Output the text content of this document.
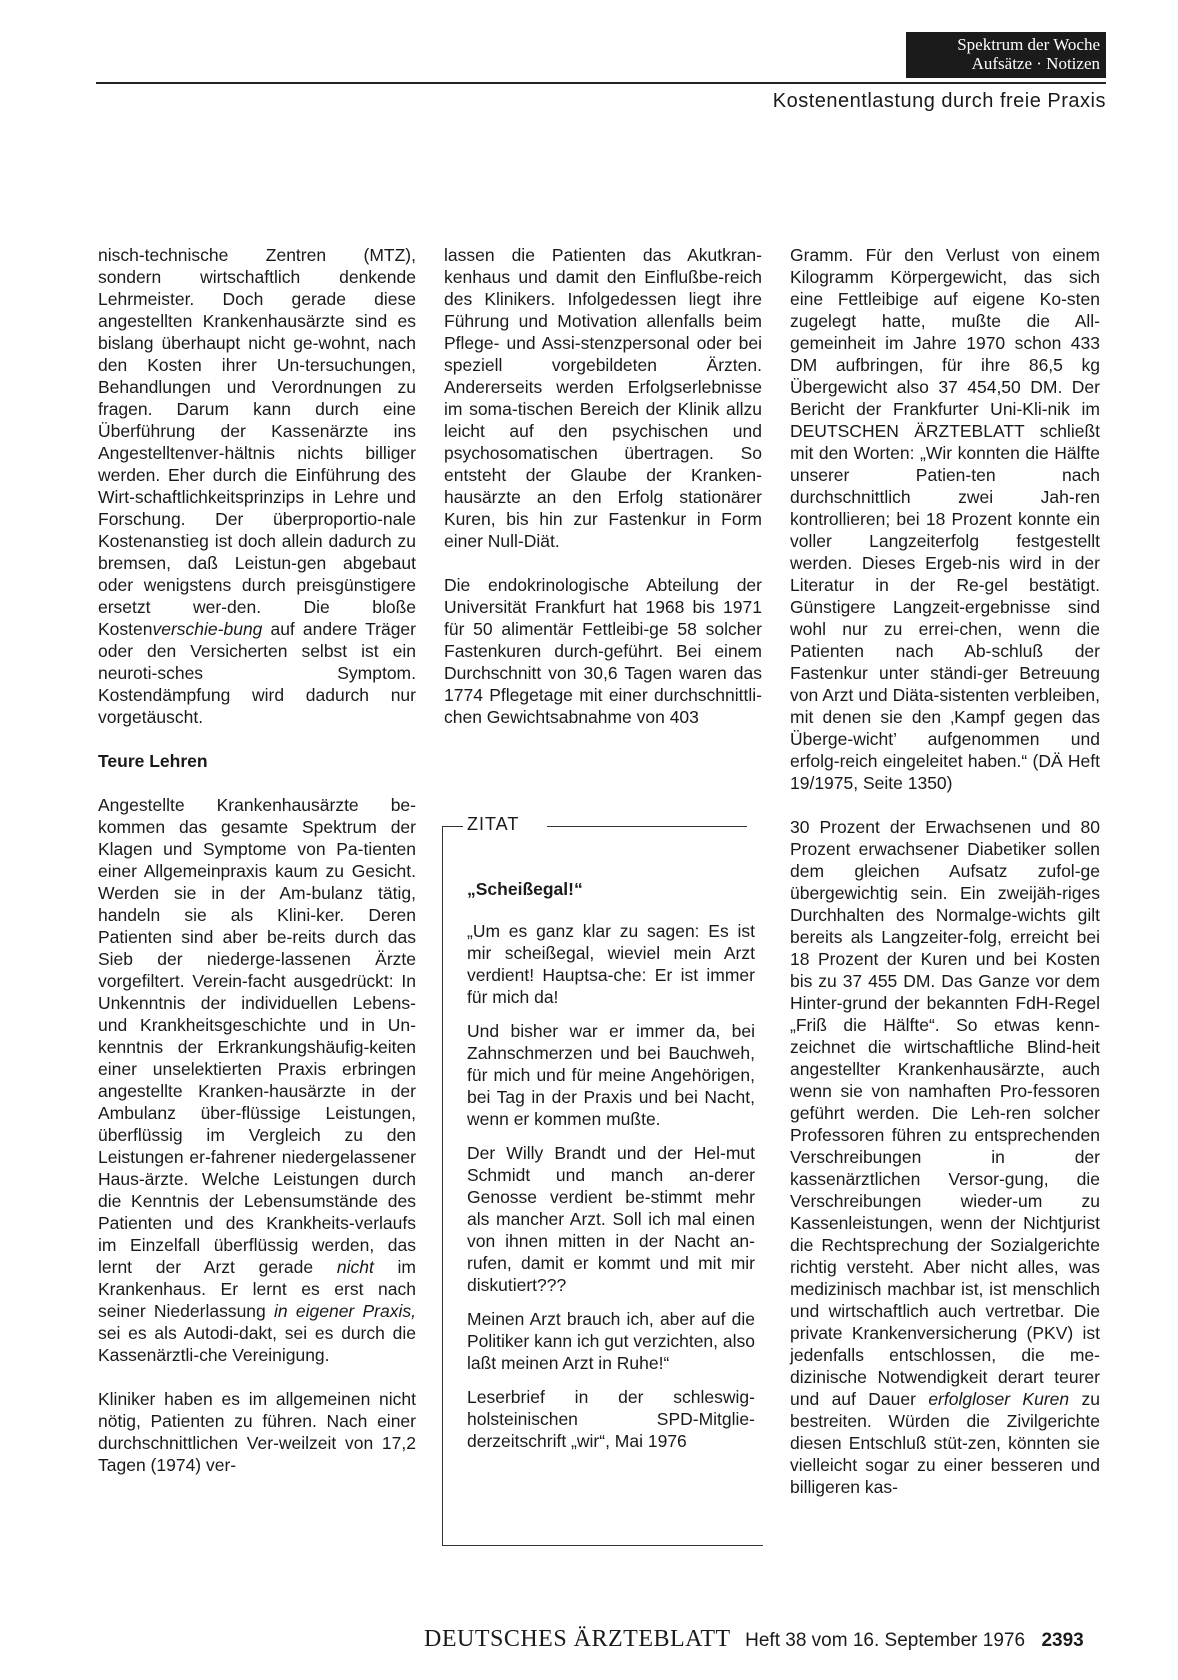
Spektrum der Woche
Aufsätze · Notizen
Kostenentlastung durch freie Praxis

nisch-technische Zentren (MTZ), sondern wirtschaftlich denkende Lehrmeister. Doch gerade diese angestellten Krankenhausärzte sind es bislang überhaupt nicht ge-wohnt, nach den Kosten ihrer Un-tersuchungen, Behandlungen und Verordnungen zu fragen. Darum kann durch eine Überführung der Kassenärzte ins Angestelltenver-hältnis nichts billiger werden. Eher durch die Einführung des Wirt-schaftlichkeitsprinzips in Lehre und Forschung. Der überproportio-nale Kostenanstieg ist doch allein dadurch zu bremsen, daß Leistun-gen abgebaut oder wenigstens durch preisgünstigere ersetzt wer-den. Die bloße Kostenverschie-bung auf andere Träger oder den Versicherten selbst ist ein neuroti-sches Symptom. Kostendämpfung wird dadurch nur vorgetäuscht.

Teure Lehren

Angestellte Krankenhausärzte be-kommen das gesamte Spektrum der Klagen und Symptome von Pa-tienten einer Allgemeinpraxis kaum zu Gesicht. Werden sie in der Am-bulanz tätig, handeln sie als Klini-ker. Deren Patienten sind aber be-reits durch das Sieb der niederge-lassenen Ärzte vorgefiltert. Verein-facht ausgedrückt: In Unkenntnis der individuellen Lebens- und Krankheitsgeschichte und in Un-kenntnis der Erkrankungshäufig-keiten einer unselektierten Praxis erbringen angestellte Kranken-hausärzte in der Ambulanz über-flüssige Leistungen, überflüssig im Vergleich zu den Leistungen er-fahrener niedergelassener Haus-ärzte. Welche Leistungen durch die Kenntnis der Lebensumstände des Patienten und des Krankheits-verlaufs im Einzelfall überflüssig werden, das lernt der Arzt gerade nicht im Krankenhaus. Er lernt es erst nach seiner Niederlassung in eigener Praxis, sei es als Autodi-dakt, sei es durch die Kassenärztli-che Vereinigung.

Kliniker haben es im allgemeinen nicht nötig, Patienten zu führen. Nach einer durchschnittlichen Ver-weilzeit von 17,2 Tagen (1974) ver-

lassen die Patienten das Akutkran-kenhaus und damit den Einflußbe-reich des Klinikers. Infolgedessen liegt ihre Führung und Motivation allenfalls beim Pflege- und Assi-stenzpersonal oder bei speziell vorgebildeten Ärzten. Andererseits werden Erfolgserlebnisse im soma-tischen Bereich der Klinik allzu leicht auf den psychischen und psychosomatischen übertragen. So entsteht der Glaube der Kranken-hausärzte an den Erfolg stationärer Kuren, bis hin zur Fastenkur in Form einer Null-Diät.

Die endokrinologische Abteilung der Universität Frankfurt hat 1968 bis 1971 für 50 alimentär Fettleibi-ge 58 solcher Fastenkuren durch-geführt. Bei einem Durchschnitt von 30,6 Tagen waren das 1774 Pflegetage mit einer durchschnittli-chen Gewichtsabnahme von 403

ZITAT

„Scheißegal!“

„Um es ganz klar zu sagen: Es ist mir scheißegal, wieviel mein Arzt verdient! Hauptsa-che: Er ist immer für mich da!

Und bisher war er immer da, bei Zahnschmerzen und bei Bauchweh, für mich und für meine Angehörigen, bei Tag in der Praxis und bei Nacht, wenn er kommen mußte.

Der Willy Brandt und der Hel-mut Schmidt und manch an-derer Genosse verdient be-stimmt mehr als mancher Arzt. Soll ich mal einen von ihnen mitten in der Nacht an-rufen, damit er kommt und mit mir diskutiert???

Meinen Arzt brauch ich, aber auf die Politiker kann ich gut verzichten, also laßt meinen Arzt in Ruhe!“

Leserbrief in der schleswig-holsteinischen SPD-Mitglie-derzeitschrift „wir“, Mai 1976

Gramm. Für den Verlust von einem Kilogramm Körpergewicht, das sich eine Fettleibige auf eigene Ko-sten zugelegt hatte, mußte die All-gemeinheit im Jahre 1970 schon 433 DM aufbringen, für ihre 86,5 kg Übergewicht also 37 454,50 DM. Der Bericht der Frankfurter Uni-Kli-nik im DEUTSCHEN ÄRZTEBLATT schließt mit den Worten: „Wir konnten die Hälfte unserer Patien-ten nach durchschnittlich zwei Jah-ren kontrollieren; bei 18 Prozent konnte ein voller Langzeiterfolg festgestellt werden. Dieses Ergeb-nis wird in der Literatur in der Re-gel bestätigt. Günstigere Langzeit-ergebnisse sind wohl nur zu errei-chen, wenn die Patienten nach Ab-schluß der Fastenkur unter ständi-ger Betreuung von Arzt und Diäta-sistenten verbleiben, mit denen sie den ‚Kampf gegen das Überge-wicht’ aufgenommen und erfolg-reich eingeleitet haben.“ (DÄ Heft 19/1975, Seite 1350)

30 Prozent der Erwachsenen und 80 Prozent erwachsener Diabetiker sollen dem gleichen Aufsatz zufol-ge übergewichtig sein. Ein zweijäh-riges Durchhalten des Normalge-wichts gilt bereits als Langzeiter-folg, erreicht bei 18 Prozent der Kuren und bei Kosten bis zu 37 455 DM. Das Ganze vor dem Hinter-grund der bekannten FdH-Regel „Friß die Hälfte“. So etwas kenn-zeichnet die wirtschaftliche Blind-heit angestellter Krankenhausärzte, auch wenn sie von namhaften Pro-fessoren geführt werden. Die Leh-ren solcher Professoren führen zu entsprechenden Verschreibungen in der kassenärztlichen Versor-gung, die Verschreibungen wieder-um zu Kassenleistungen, wenn der Nichtjurist die Rechtsprechung der Sozialgerichte richtig versteht. Aber nicht alles, was medizinisch machbar ist, ist menschlich und wirtschaftlich auch vertretbar. Die private Krankenversicherung (PKV) ist jedenfalls entschlossen, die me-dizinische Notwendigkeit derart teurer und auf Dauer erfolgloser Kuren zu bestreiten. Würden die Zivilgerichte diesen Entschluß stüt-zen, könnten sie vielleicht sogar zu einer besseren und billigeren kas-

DEUTSCHES ÄRZTEBLATT Heft 38 vom 16. September 1976 2393
